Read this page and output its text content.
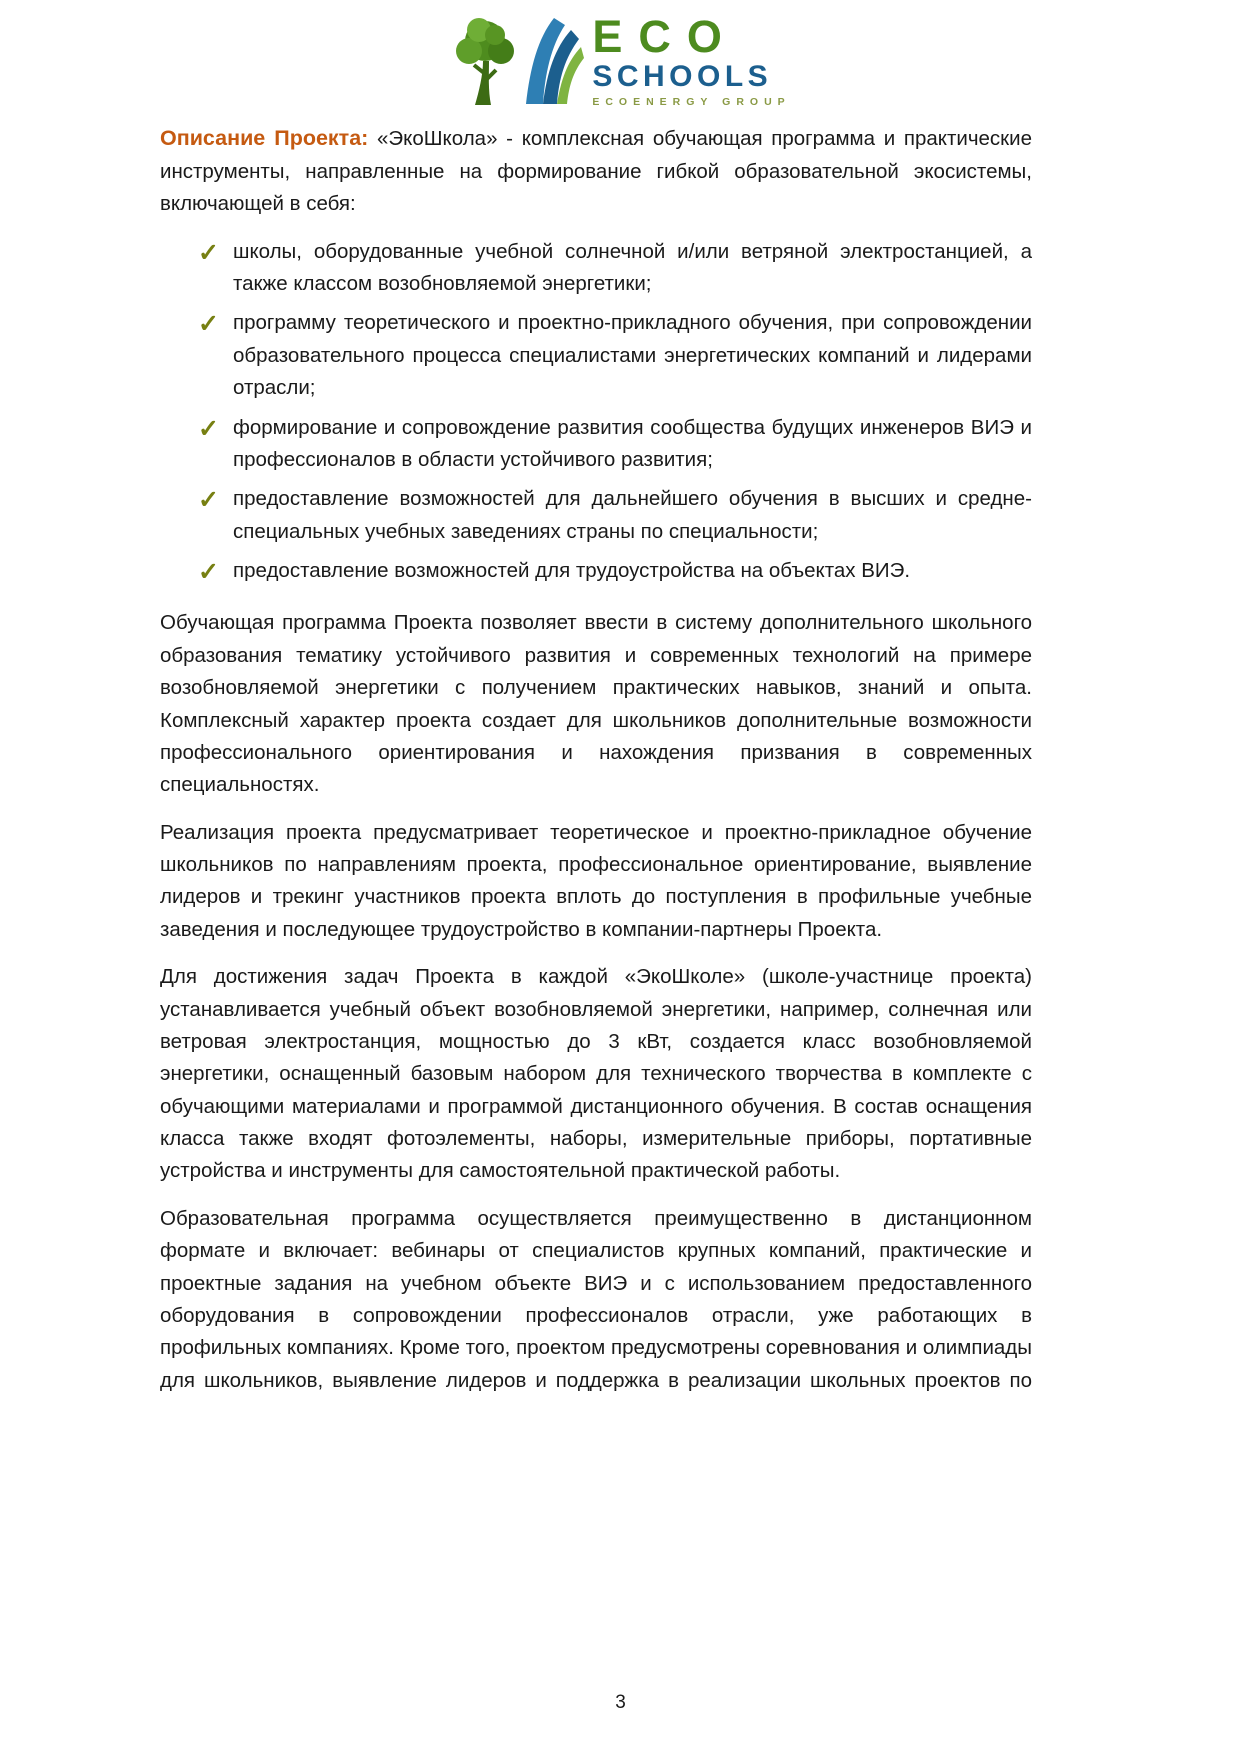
ECO
SCHOOLS
ECOENERGY GROUP

Описание Проекта: «ЭкоШкола» - комплексная обучающая программа и практические инструменты, направленные на формирование гибкой образовательной экосистемы, включающей в себя:

✓ школы, оборудованные учебной солнечной и/или ветряной электростанцией, а также классом возобновляемой энергетики;
✓ программу теоретического и проектно-прикладного обучения, при сопровождении образовательного процесса специалистами энергетических компаний и лидерами отрасли;
✓ формирование и сопровождение развития сообщества будущих инженеров ВИЭ и профессионалов в области устойчивого развития;
✓ предоставление возможностей для дальнейшего обучения в высших и средне-специальных учебных заведениях страны по специальности;
✓ предоставление возможностей для трудоустройства на объектах ВИЭ.

Обучающая программа Проекта позволяет ввести в систему дополнительного школьного образования тематику устойчивого развития и современных технологий на примере возобновляемой энергетики с получением практических навыков, знаний и опыта. Комплексный характер проекта создает для школьников дополнительные возможности профессионального ориентирования и нахождения призвания в современных специальностях.

Реализация проекта предусматривает теоретическое и проектно-прикладное обучение школьников по направлениям проекта, профессиональное ориентирование, выявление лидеров и трекинг участников проекта вплоть до поступления в профильные учебные заведения и последующее трудоустройство в компании-партнеры Проекта.

Для достижения задач Проекта в каждой «ЭкоШколе» (школе-участнице проекта) устанавливается учебный объект возобновляемой энергетики, например, солнечная или ветровая электростанция, мощностью до 3 кВт, создается класс возобновляемой энергетики, оснащенный базовым набором для технического творчества в комплекте с обучающими материалами и программой дистанционного обучения. В состав оснащения класса также входят фотоэлементы, наборы, измерительные приборы, портативные устройства и инструменты для самостоятельной практической работы.

Образовательная программа осуществляется преимущественно в дистанционном формате и включает: вебинары от специалистов крупных компаний, практические и проектные задания на учебном объекте ВИЭ и с использованием предоставленного оборудования в сопровождении профессионалов отрасли, уже работающих в профильных компаниях. Кроме того, проектом предусмотрены соревнования и олимпиады для школьников, выявление лидеров и поддержка в реализации школьных проектов по

3
